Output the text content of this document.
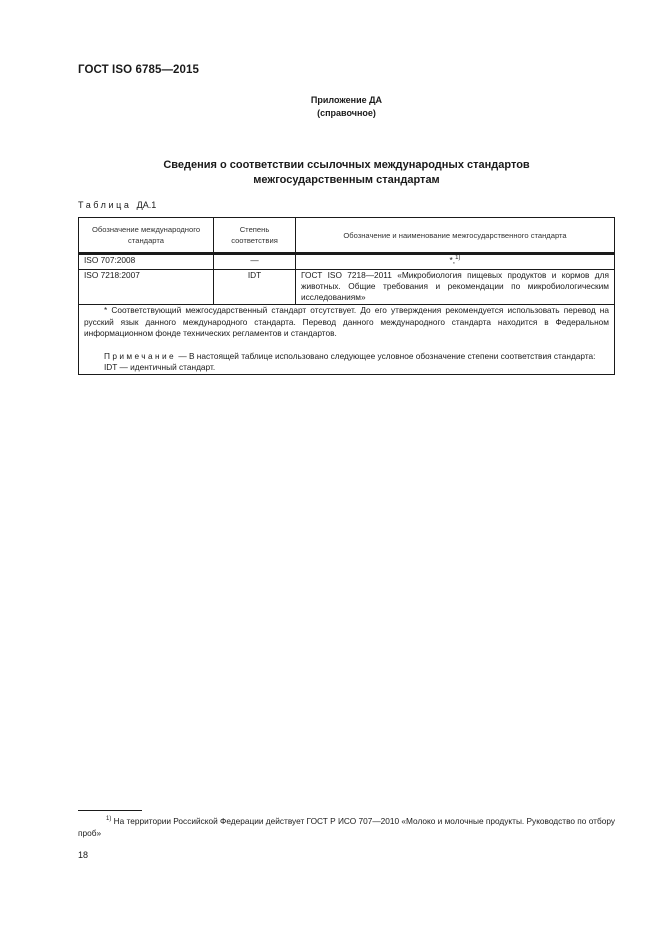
ГОСТ ISO 6785—2015
Приложение ДА
(справочное)
Сведения о соответствии ссылочных международных стандартов
межгосударственным стандартам
Таблица ДА.1
Обозначение международного стандарта	Степень соответствия	Обозначение и наименование межгосударственного стандарта
ISO 707:2008	—	*,$^{1)}$
ISO 7218:2007	IDT	ГОСТ ISO 7218—2011 «Микробиология пищевых продуктов и кормов для животных. Общие требования и рекомендации по микробиологическим исследованиям»

* Соответствующий межгосударственный стандарт отсутствует. До его утверждения рекомендуется использовать перевод на русский язык данного международного стандарта. Перевод данного международного стандарта находится в Федеральном информационном фонде технических регламентов и стандартов.

Примечание — В настоящей таблице использовано следующее условное обозначение степени соответствия стандарта:

IDT — идентичный стандарт.		

$^{1)}$ На территории Российской Федерации действует ГОСТ Р ИСО 707—2010 «Молоко и молочные продукты. Руководство по отбору проб»
18
